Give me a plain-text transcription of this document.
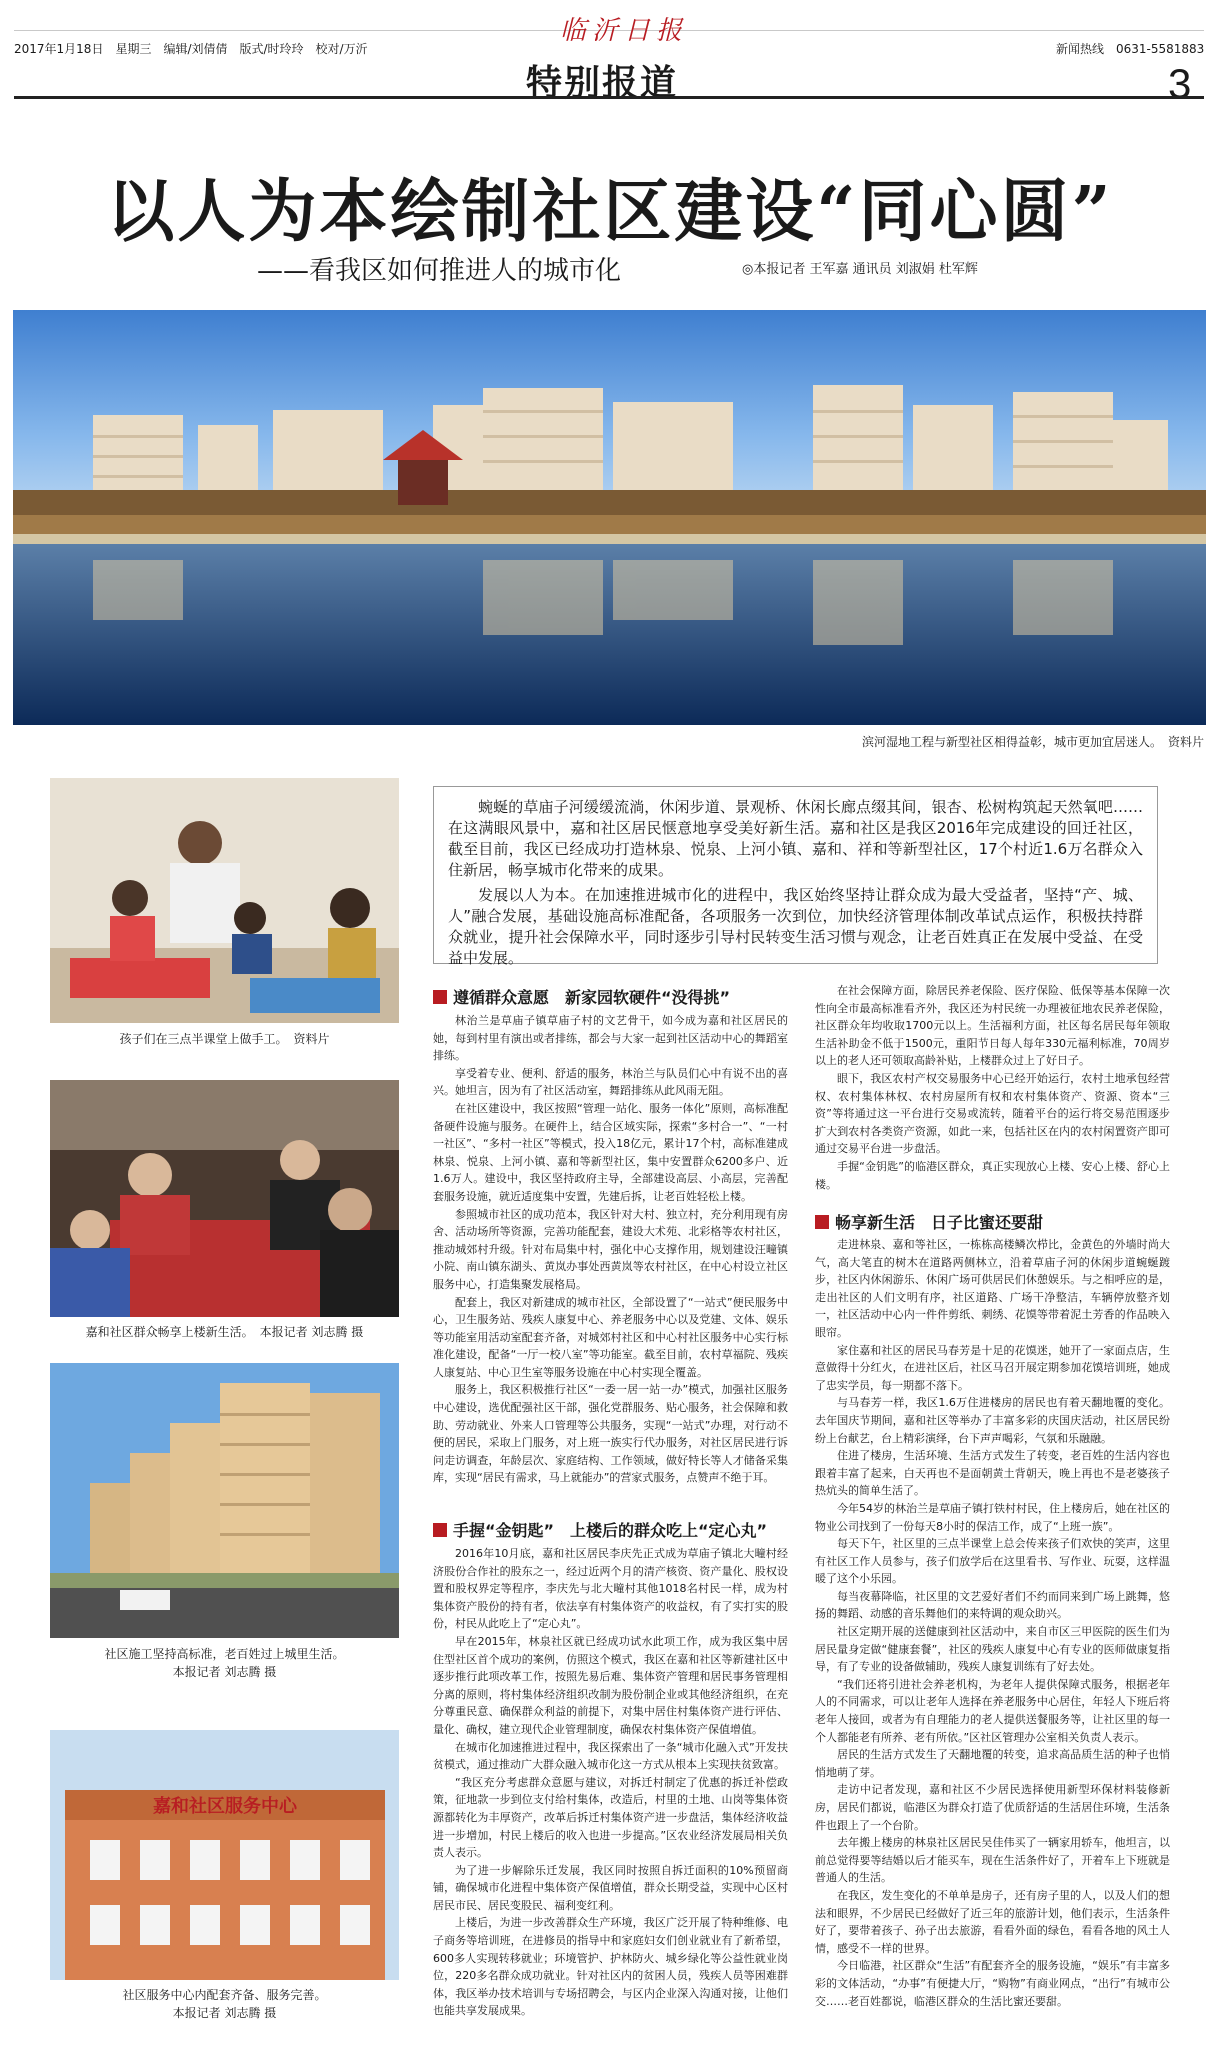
临沂日报
2017年1月18日　星期三　编辑/刘倩倩　版式/时玲玲　校对/万沂
特别报道
新闻热线　0631-5581883
3
以人为本绘制社区建设“同心圆”
——看我区如何推进人的城市化	◎本报记者 王军嘉 通讯员 刘淑娟 杜军辉
滨河湿地工程与新型社区相得益彰，城市更加宜居迷人。　资料片
孩子们在三点半课堂上做手工。　资料片
嘉和社区群众畅享上楼新生活。　本报记者 刘志腾 摄
社区施工坚持高标准，老百姓过上城里生活。
本报记者 刘志腾 摄
嘉和社区服务中心
社区服务中心内配套齐备、服务完善。
本报记者 刘志腾 摄

蜿蜒的草庙子河缓缓流淌，休闲步道、景观桥、休闲长廊点缀其间，银杏、松树构筑起天然氧吧……在这满眼风景中，嘉和社区居民惬意地享受美好新生活。嘉和社区是我区2016年完成建设的回迁社区，截至目前，我区已经成功打造林泉、悦泉、上河小镇、嘉和、祥和等新型社区，17个村近1.6万名群众入住新居，畅享城市化带来的成果。

发展以人为本。在加速推进城市化的进程中，我区始终坚持让群众成为最大受益者，坚持“产、城、人”融合发展，基础设施高标准配备，各项服务一次到位，加快经济管理体制改革试点运作，积极扶持群众就业，提升社会保障水平，同时逐步引导村民转变生活习惯与观念，让老百姓真正在发展中受益、在受益中发展。

遵循群众意愿　新家园软硬件“没得挑”

林治兰是草庙子镇草庙子村的文艺骨干，如今成为嘉和社区居民的她，每到村里有演出或者排练，都会与大家一起到社区活动中心的舞蹈室排练。

享受着专业、便利、舒适的服务，林治兰与队员们心中有说不出的喜兴。她坦言，因为有了社区活动室，舞蹈排练从此风雨无阻。

在社区建设中，我区按照“管理一站化、服务一体化”原则，高标准配备硬件设施与服务。在硬件上，结合区域实际，探索“多村合一”、“一村一社区”、“多村一社区”等模式，投入18亿元，累计17个村，高标准建成林泉、悦泉、上河小镇、嘉和等新型社区，集中安置群众6200多户、近1.6万人。建设中，我区坚持政府主导，全部建设高层、小高层，完善配套服务设施，就近适度集中安置，先建后拆，让老百姓轻松上楼。

参照城市社区的成功范本，我区针对大村、独立村，充分利用现有房舍、活动场所等资源，完善功能配套，建设大术苑、北彩格等农村社区，推动城郊村升级。针对布局集中村，强化中心支撑作用，规划建设汪疃镇小院、南山镇东湖头、黄岚办事处西黄岚等农村社区，在中心村设立社区服务中心，打造集聚发展格局。

配套上，我区对新建成的城市社区，全部设置了“一站式”便民服务中心，卫生服务站、残疾人康复中心、养老服务中心以及党建、文体、娱乐等功能室用活动室配套齐备，对城郊村社区和中心村社区服务中心实行标准化建设，配备“一厅一校八室”等功能室。截至目前，农村草福院、残疾人康复站、中心卫生室等服务设施在中心村实现全覆盖。

服务上，我区积极推行社区“一委一居一站一办”模式，加强社区服务中心建设，选优配强社区干部，强化党群服务、贴心服务，社会保障和救助、劳动就业、外来人口管理等公共服务，实现“一站式”办理，对行动不便的居民，采取上门服务，对上班一族实行代办服务，对社区居民进行诉问走访调查，年龄层次、家庭结构、工作领域，做好特长等人才储备采集库，实现“居民有需求，马上就能办”的营家式服务，点赞声不绝于耳。

手握“金钥匙”　上楼后的群众吃上“定心丸”

2016年10月底，嘉和社区居民李庆先正式成为草庙子镇北大疃村经济股份合作社的股东之一，经过近两个月的清产核资、资产量化、股权设置和股权界定等程序，李庆先与北大疃村其他1018名村民一样，成为村集体资产股份的持有者，依法享有村集体资产的收益权，有了实打实的股份，村民从此吃上了“定心丸”。

早在2015年，林泉社区就已经成功试水此项工作，成为我区集中居住型社区首个成功的案例，仿照这个模式，我区在嘉和社区等新建社区中逐步推行此项改革工作，按照先易后难、集体资产管理和居民事务管理相分离的原则，将村集体经济组织改制为股份制企业或其他经济组织，在充分尊重民意、确保群众利益的前提下，对集中居住村集体资产进行评估、量化、确权，建立现代企业管理制度，确保农村集体资产保值增值。

在城市化加速推进过程中，我区探索出了一条“城市化融入式”开发扶贫模式，通过推动广大群众融入城市化这一方式从根本上实现扶贫致富。

“我区充分考虑群众意愿与建议，对拆迁村制定了优惠的拆迁补偿政策，征地款一步到位支付给村集体，改造后，村里的土地、山岗等集体资源都转化为丰厚资产，改革后拆迁村集体资产进一步盘活，集体经济收益进一步增加，村民上楼后的收入也进一步提高。”区农业经济发展局相关负责人表示。

为了进一步解除乐迁发展，我区同时按照自拆迁面积的10%预留商铺，确保城市化进程中集体资产保值增值，群众长期受益，实现中心区村居民市民、居民变股民、福利变红利。

上楼后，为进一步改善群众生产环境，我区广泛开展了特种维修、电子商务等培训班，在进修员的指导中和家庭妇女们创业就业有了新希望，600多人实现转移就业；环境管护、护林防火、城乡绿化等公益性就业岗位，220多名群众成功就业。针对社区内的贫困人员，残疾人员等困难群体，我区举办技术培训与专场招聘会，与区内企业深入沟通对接，让他们也能共享发展成果。

在社会保障方面，除居民养老保险、医疗保险、低保等基本保障一次性向全市最高标准看齐外，我区还为村民统一办理被征地农民养老保险，社区群众年均收取1700元以上。生活福利方面，社区每名居民每年领取生活补助金不低于1500元，重阳节日每人每年330元福利标准，70周岁以上的老人还可领取高龄补贴，上楼群众过上了好日子。

眼下，我区农村产权交易服务中心已经开始运行，农村土地承包经营权、农村集体林权、农村房屋所有权和农村集体资产、资源、资本“三资”等将通过这一平台进行交易或流转，随着平台的运行将交易范围逐步扩大到农村各类资产资源，如此一来，包括社区在内的农村闲置资产即可通过交易平台进一步盘活。

手握“金钥匙”的临港区群众，真正实现放心上楼、安心上楼、舒心上楼。

畅享新生活　日子比蜜还要甜

走进林泉、嘉和等社区，一栋栋高楼鳞次栉比，金黄色的外墙时尚大气，高大笔直的树木在道路两侧林立，沿着草庙子河的休闲步道蜿蜒踱步，社区内休闲游乐、休闲广场可供居民们休憩娱乐。与之相呼应的是，走出社区的人们文明有序，社区道路、广场干净整洁，车辆停放整齐划一，社区活动中心内一件件剪纸、刺绣、花馍等带着泥土芳香的作品映入眼帘。

家住嘉和社区的居民马春芳是十足的花馍迷，她开了一家面点店，生意做得十分红火，在进社区后，社区马召开展定期参加花馍培训班，她成了忠实学员，每一期都不落下。

与马春芳一样，我区1.6万住进楼房的居民也有着天翻地覆的变化。去年国庆节期间，嘉和社区等举办了丰富多彩的庆国庆活动，社区居民纷纷上台献艺，台上精彩演绎，台下声声喝彩，气氛和乐融融。

住进了楼房，生活环境、生活方式发生了转变，老百姓的生活内容也跟着丰富了起来，白天再也不是面朝黄土背朝天，晚上再也不是老婆孩子热炕头的简单生活了。

今年54岁的林治兰是草庙子镇打铁村村民，住上楼房后，她在社区的物业公司找到了一份每天8小时的保洁工作，成了“上班一族”。

每天下午，社区里的三点半课堂上总会传来孩子们欢快的笑声，这里有社区工作人员参与，孩子们放学后在这里看书、写作业、玩耍，这样温暖了这个小乐园。

每当夜幕降临，社区里的文艺爱好者们不约而同来到广场上跳舞，悠扬的舞蹈、动感的音乐舞他们的来特调的观众助兴。

社区定期开展的送健康到社区活动中，来自市区三甲医院的医生们为居民量身定做“健康套餐”，社区的残疾人康复中心有专业的医师做康复指导，有了专业的设备做辅助，残疾人康复训练有了好去处。

“我们还将引进社会养老机构，为老年人提供保障式服务，根据老年人的不同需求，可以让老年人选择在养老服务中心居住，年轻人下班后将老年人接回，或者为有自理能力的老人提供送餐服务等，让社区里的每一个人都能老有所养、老有所依。”区社区管理办公室相关负责人表示。

居民的生活方式发生了天翻地覆的转变，追求高品质生活的种子也悄悄地萌了芽。

走访中记者发现，嘉和社区不少居民选择使用新型环保材料装修新房，居民们都说，临港区为群众打造了优质舒适的生活居住环境，生活条件也跟上了一个台阶。

去年搬上楼房的林泉社区居民吴佳伟买了一辆家用轿车，他坦言，以前总觉得要等结婚以后才能买车，现在生活条件好了，开着车上下班就是普通人的生活。

在我区，发生变化的不单单是房子，还有房子里的人，以及人们的想法和眼界，不少居民已经做好了近三年的旅游计划，他们表示，生活条件好了，要带着孩子、孙子出去旅游，看看外面的绿色，看看各地的风土人情，感受不一样的世界。

今日临港，社区群众“生活”有配套齐全的服务设施，“娱乐”有丰富多彩的文体活动，“办事”有便捷大厅，“购物”有商业网点，“出行”有城市公交……老百姓都说，临港区群众的生活比蜜还要甜。
